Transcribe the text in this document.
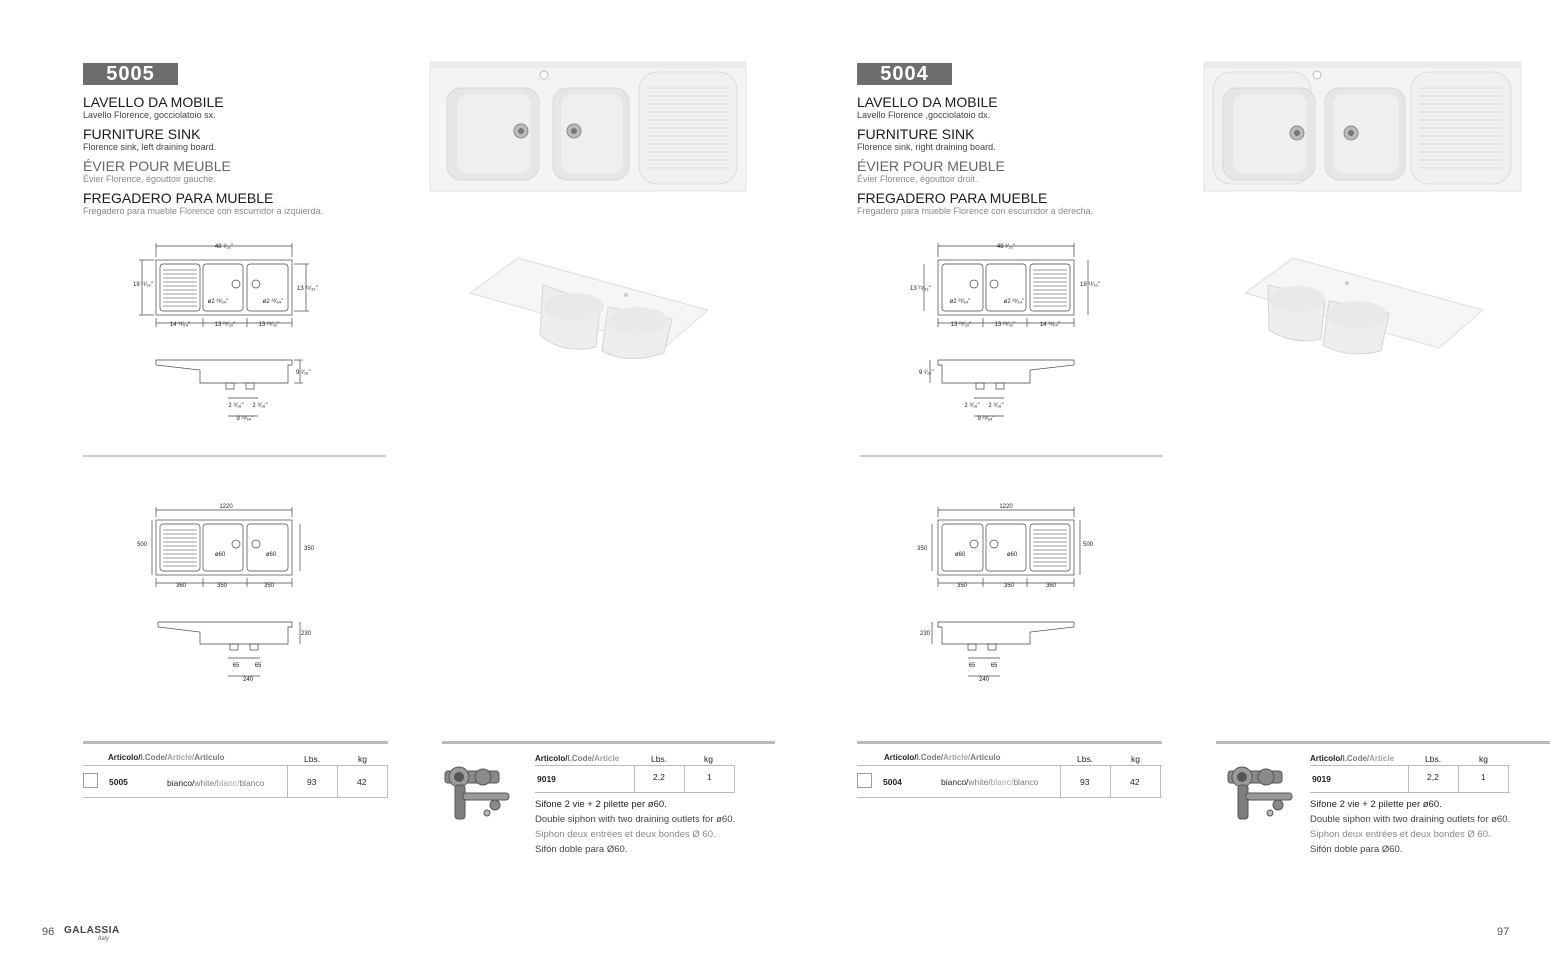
5005
LAVELLO DA MOBILE
Lavello Florence, gocciolatoio sx.
FURNITURE SINK
Florence sink, left draining board.
ÉVIER POUR MEUBLE
Évier Florence, égouttoir gauche.
FREGADERO PARA MUEBLE
Fregadero para mueble Florence con escurridor a izquierda.
48 ¹⁄₃₂"
19 ¹¹⁄₁₆"
13 ²⁵⁄₃₂"
ø2 ²³⁄₆₄"	ø2 ²³⁄₆₄"
14 ¹¹⁄₆₄"	13 ²⁵⁄₃₂"	13 ²⁵⁄₃₂"
9 ¹⁄₁₆"
2 ⁹⁄₁₆" 2 ⁹⁄₁₆"
9 ²³⁄₆₄"
1220
500
350
ø60	ø60
360	350	350
230
65	65
240
Articolo/I.Code/Article/Artículo	Lbs.	kg
5005	bianco/white/blanc/blanco	93	42
Articolo/I.Code/Article	Lbs.	kg
9019	2,2	1
Sifone 2 vie + 2 pilette per ø60.
Double siphon with two draining outlets for ø60.
Siphon deux entrées et deux bondes Ø 60.
Sifón doble para Ø60.
5004
LAVELLO DA MOBILE
Lavello Florence ,gocciolatoio dx.
FURNITURE SINK
Florence sink, right draining board.
ÉVIER POUR MEUBLE
Évier Florence, égouttoir droit.
FREGADERO PARA MUEBLE
Fregadero para mueble Florence con escurridor a derecha.
48 ¹⁄₃₂"
13 ²⁵⁄₃₂"
19 ¹¹⁄₁₆"
ø2 ²³⁄₆₄"	ø2 ²³⁄₆₄"
13 ²⁵⁄₃₂"	13 ²⁵⁄₃₂"	14 ¹¹⁄₆₄"
9 ¹⁄₁₆"
2 ⁹⁄₁₆" 2 ⁹⁄₁₆"
9 ²³⁄₆₄"
1220
350
500
ø60	ø60
350	350	360
230
65	65
240
Articolo/I.Code/Article/Artículo	Lbs.	kg
5004	bianco/white/blanc/blanco	93	42
Articolo/I.Code/Article	Lbs.	kg
9019	2,2	1
Sifone 2 vie + 2 pilette per ø60.
Double siphon with two draining outlets for ø60.
Siphon deux entrées et deux bondes Ø 60.
Sifón doble para Ø60.
96 GALASSIA
Italy
97
